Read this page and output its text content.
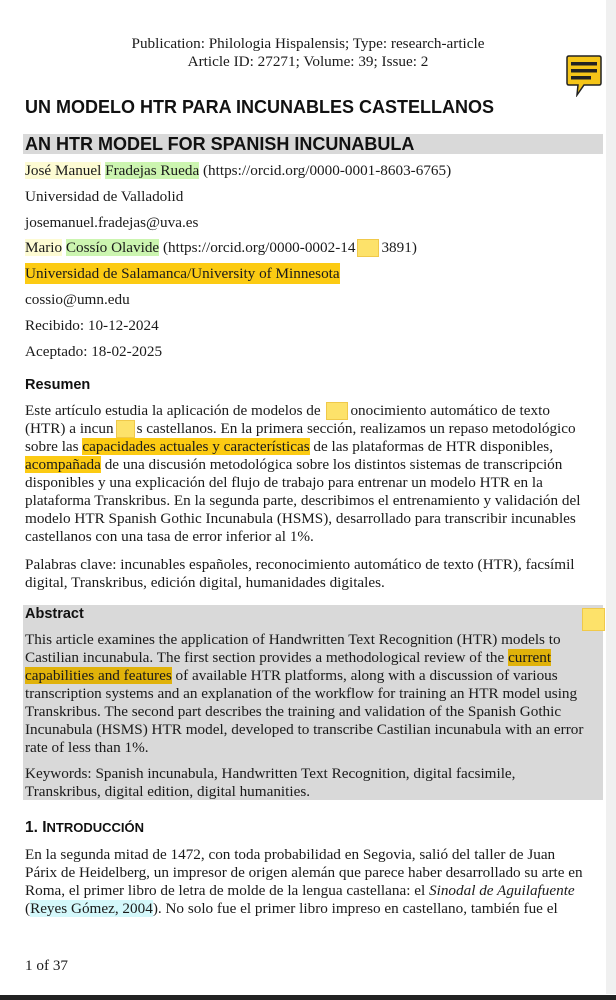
Publication: Philologia Hispalensis; Type: research-article
Article ID: 27271; Volume: 39; Issue: 2
UN MODELO HTR PARA INCUNABLES CASTELLANOS
AN HTR MODEL FOR SPANISH INCUNABULA
José Manuel Fradejas Rueda (https://orcid.org/0000-0001-8603-6765)
Universidad de Valladolid
josemanuel.fradejas@uva.es
Mario Cossío Olavide (https://orcid.org/0000-0002-14 3891)
Universidad de Salamanca/University of Minnesota
cossio@umn.edu
Recibido: 10-12-2024
Aceptado: 18-02-2025
Resumen
Este artículo estudia la aplicación de modelos de onocimiento automático de texto
(HTR) a incun s castellanos. En la primera sección, realizamos un repaso metodológico
sobre las capacidades actuales y características de las plataformas de HTR disponibles,
acompañada de una discusión metodológica sobre los distintos sistemas de transcripción
disponibles y una explicación del flujo de trabajo para entrenar un modelo HTR en la
plataforma Transkribus. En la segunda parte, describimos el entrenamiento y validación del
modelo HTR Spanish Gothic Incunabula (HSMS), desarrollado para transcribir incunables
castellanos con una tasa de error inferior al 1%.
Palabras clave: incunables españoles, reconocimiento automático de texto (HTR), facsímil
digital, Transkribus, edición digital, humanidades digitales.
Abstract
This article examines the application of Handwritten Text Recognition (HTR) models to
Castilian incunabula. The first section provides a methodological review of the current
capabilities and features of available HTR platforms, along with a discussion of various
transcription systems and an explanation of the workflow for training an HTR model using
Transkribus. The second part describes the training and validation of the Spanish Gothic
Incunabula (HSMS) HTR model, developed to transcribe Castilian incunabula with an error
rate of less than 1%.
Keywords: Spanish incunabula, Handwritten Text Recognition, digital facsimile,
Transkribus, digital edition, digital humanities.
1. INTRODUCCIÓN
En la segunda mitad de 1472, con toda probabilidad en Segovia, salió del taller de Juan
Párix de Heidelberg, un impresor de origen alemán que parece haber desarrollado su arte en
Roma, el primer libro de letra de molde de la lengua castellana: el Sinodal de Aguilafuente
(Reyes Gómez, 2004). No solo fue el primer libro impreso en castellano, también fue el
1 of 37
